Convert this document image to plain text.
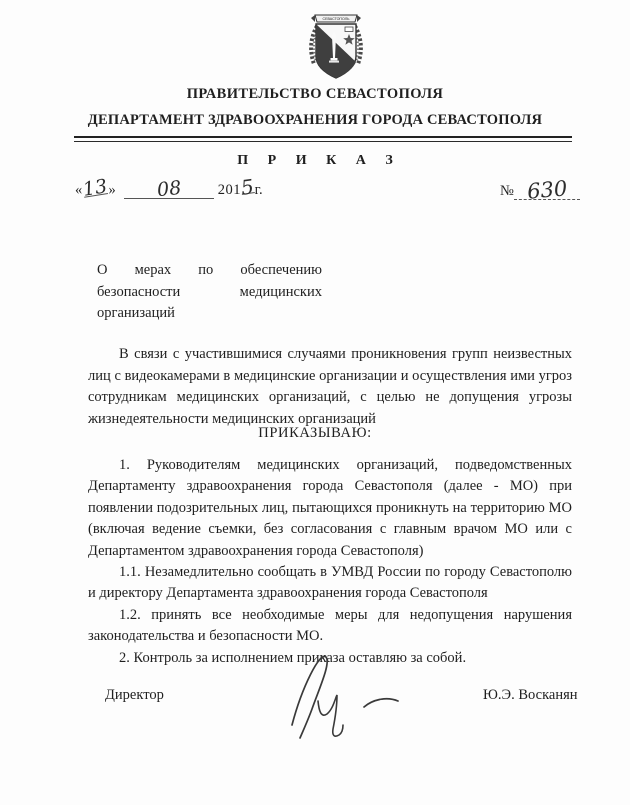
СЕВАСТОПОЛЬ
ПРАВИТЕЛЬСТВО СЕВАСТОПОЛЯ
ДЕПАРТАМЕНТ ЗДРАВООХРАНЕНИЯ ГОРОДА СЕВАСТОПОЛЯ
П Р И К А З
«13» 08 2015г.	№ 630
О мерах по обеспечению безопасности медицинских организаций

В связи с участившимися случаями проникновения групп неизвестных лиц с видеокамерами в медицинские организации и осуществления ими угроз сотрудникам медицинских организаций, с целью не допущения угрозы жизнедеятельности медицинских организаций

ПРИКАЗЫВАЮ:

1. Руководителям медицинских организаций, подведомственных Департаменту здравоохранения города Севастополя (далее - МО) при появлении подозрительных лиц, пытающихся проникнуть на территорию МО (включая ведение съемки, без согласования с главным врачом МО или с Департаментом здравоохранения города Севастополя)

1.1. Незамедлительно сообщать в УМВД России по городу Севастополю и директору Департамента здравоохранения города Севастополя

1.2. принять все необходимые меры для недопущения нарушения законодательства и безопасности МО.

2. Контроль за исполнением приказа оставляю за собой.

Директор	Ю.Э. Восканян
